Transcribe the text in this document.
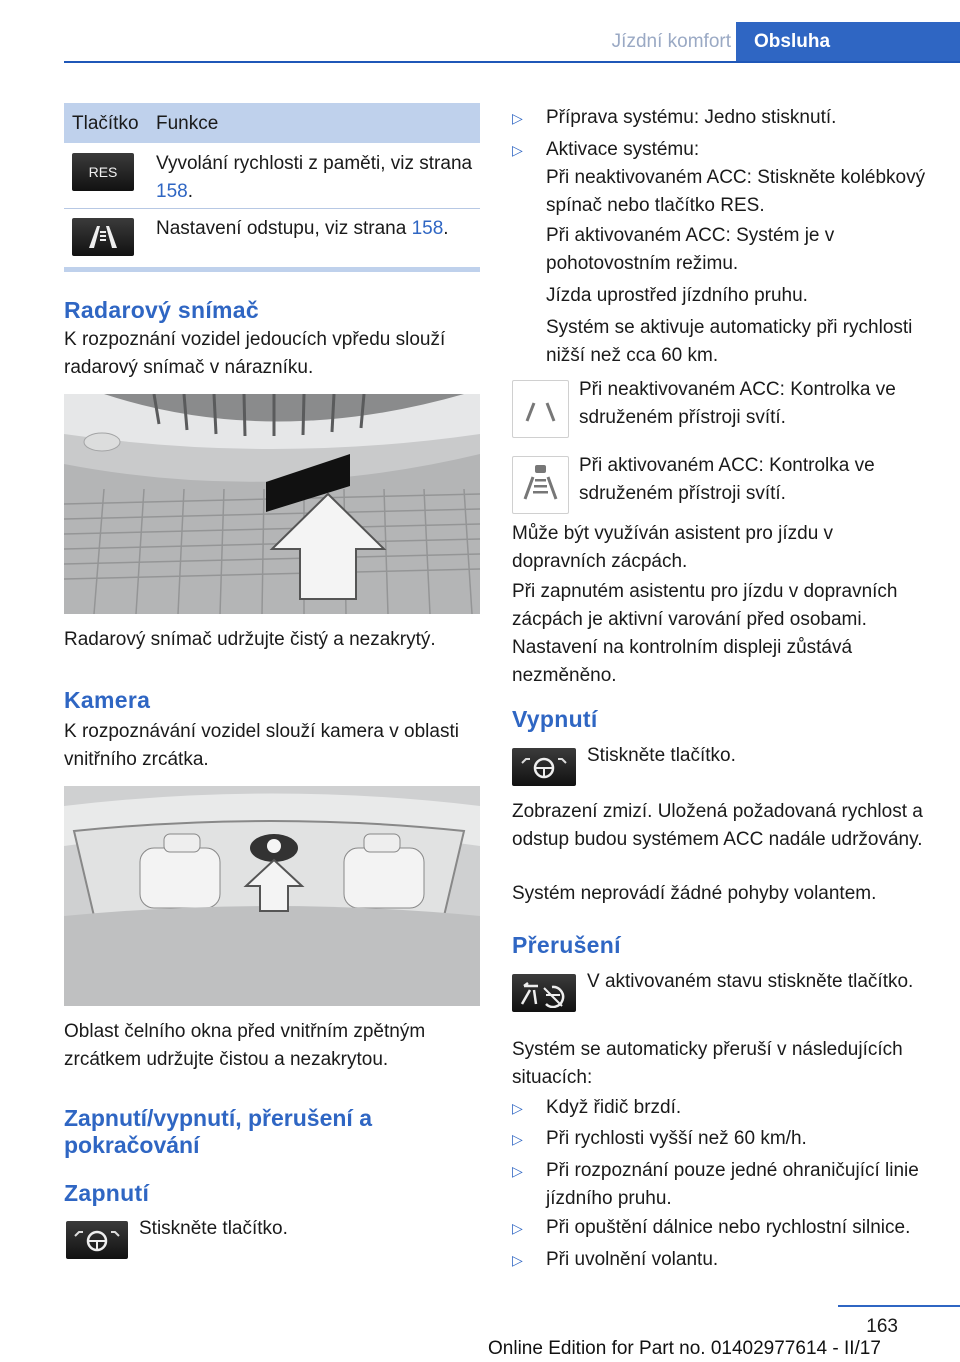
Jízdní komfort	Obsluha
Tlačítko Funkce
RES Vyvolání rychlosti z paměti, viz strana 158.
Nastavení odstupu, viz strana 158.
Radarový snímač
K rozpoznání vozidel jedoucích vpředu slouží radarový snímač v nárazníku.
Radarový snímač udržujte čistý a nezakrytý.
Kamera
K rozpoznávání vozidel slouží kamera v oblasti vnitřního zrcátka.
Oblast čelního okna před vnitřním zpětným zrcátkem udržujte čistou a nezakrytou.
Zapnutí/vypnutí, přerušení a pokračování
Zapnutí
Stiskněte tlačítko.
▷ Příprava systému: Jedno stisknutí.
▷ Aktivace systému:
Při neaktivovaném ACC: Stiskněte kolébkový spínač nebo tlačítko RES.
Při aktivovaném ACC: Systém je v pohotovostním režimu.
Jízda uprostřed jízdního pruhu.
Systém se aktivuje automaticky při rychlosti nižší než cca 60 km.
Při neaktivovaném ACC: Kontrolka ve sdruženém přístroji svítí.
Při aktivovaném ACC: Kontrolka ve sdruženém přístroji svítí.
Může být využíván asistent pro jízdu v dopravních zácpách.
Při zapnutém asistentu pro jízdu v dopravních zácpách je aktivní varování před osobami. Nastavení na kontrolním displeji zůstává nezměněno.
Vypnutí
Stiskněte tlačítko.
Zobrazení zmizí. Uložená požadovaná rychlost a odstup budou systémem ACC nadále udržovány.
Systém neprovádí žádné pohyby volantem.
Přerušení
V aktivovaném stavu stiskněte tlačítko.
Systém se automaticky přeruší v následujících situacích:
▷ Když řidič brzdí.
▷ Při rychlosti vyšší než 60 km/h.
▷ Při rozpoznání pouze jedné ohraničující linie jízdního pruhu.
▷ Při opuštění dálnice nebo rychlostní silnice.
▷ Při uvolnění volantu.
163
Online Edition for Part no. 01402977614 - II/17
